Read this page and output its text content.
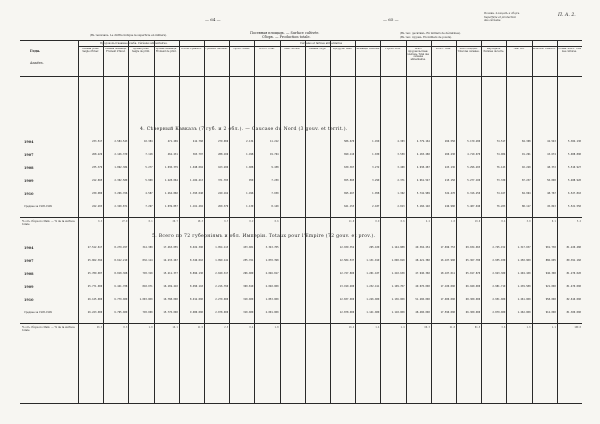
— 64 —	— 65 —
Посевн. площадь и сборъ.
Superficie et production
des céréales.
П. А. 2.
(Въ тысячахъ. Le chiffre indique la superficie en milliers).
Посевная площадь. — Surface cultivée.
Сборъ. — Production totale.
(Въ тыс. десятинъ. En milliers de déciatines).
(Въ тыс. пудовъ. En milliers de pouds).
Года.
Années.
Продовольственные хлеба. Céréales alimentaires.	Céréales et farines alimentaires
Озимая рожь. Seigle d'hiver.
Озимая пшеница. Froment d'hiver.
Яровая рожь. Seigle de print.
Яровая пшеница. Froment de print.
Полба. Épeautre.	Гречиха. Sarrasin.	Просо. Millet.	Итого. Total.	Овес. Avoine.	Ячмень. Orge.	Кукуруза. Maïs.	Чечевица. Lentilles.	Горохъ. Pois.	Всего продовольствен. хлебовъ. Total des céréales alimentaires.
Итого. Total.	Всего хлебовъ. Total des céréales.
Картофель. Pommes de terre.
Лен. Lin.	Конопля. Chanvre. Посевн. всего. Total des cultures.
4. Сѣверный Кавказъ (7 губ. и 2 обл.). — Caucase du Nord (3 gouv. et territ.).
5. Всего по 72 губерніямъ и обл. Имперіи. Totaux pour l'Empire (72 gouv. et prov.).
1904	233.517	2.584.543	10.384	471.269	412.768	279.069	2.134	11.212	586.670	1.450	4.303	4.779.164	266.550	5.179.280	74.517	84.308	42.543	5.384.130
1907	268.229	2.146.379	7.118	462.231	363.797	288.169	1.498	19.764	690.110	1.030	3.559	4.183.280	260.230	4.710.070	74.904	91.291	43.674	5.008.890
1908	235.379	1.892.384	5.277	1.030.379	1.048.004	163.206	1.008	9.458	630.367	3.272	3.400	4.938.487	223.136	5.296.203	76.143	92.220	48.372	5.510.927
1909	212.695	2.302.580	5.909	1.228.064	1.184.413	371.703	950	7.259	655.895	3.290	2.371	4.961.547	215.150	5.277.100	73.330	87.237	50.090	5.488.920
1910	230.980	3.296.766	4.587	1.264.860	1.395.048	249.162	1.496	7.030	695.467	1.058	1.302	5.742.989	322.470	6.316.250	74.167	84.994	48.767	6.527.810
Среднее за 1905-1909	222.203	2.340.871	7.297	1.039.857	1.161.402	260.379	1.139	8.140	641.153	2.187	2.813	5.160.140	246.980	5.407.040	76.203	88.117	45.843	5.521.550
% отъ сбора по Имп. — % de la surface totale
6.3	27.9	0.1	29.7	18.3	9.7	0.2	0.6	11.0	0.9	0.6	2.4	1.0	19.9	8.4	3.0	0.1	5.2
1904	27.512.617	8.279.457	314.389	17.463.055	8.922.390	1.954.113	433.001	3.343.705	12.939.352	295.100	1.144.888	49.304.254	17.699.753	69.034.063	2.745.152	1.317.037	901.738	81.220.480
1907	25.062.394	8.612.210	832.114	14.233.267	8.346.010	1.999.141	255.761	1.870.398	12.584.537	1.131.019	1.090.810	48.421.380	16.107.900	65.367.780	2.955.930	1.250.909	886.605	80.391.160
1908	25.789.007	8.818.368	793.310	15.211.377	8.896.130	2.040.317	296.009	2.046.817	12.727.800	1.201.107	1.210.630	47.940.360	18.107.011	65.017.870	2.923.309	1.294.100	946.300	81.270.020
1909	25.771.000	6.441.708	818.071	16.169.410	8.990.118	2.216.760	369.810	2.040.000	13.190.480	1.232.411	1.109.707	49.070.000	17.100.000	66.940.000	2.981.710	1.239.580	921.000	81.470.000
1910	26.125.000	6.779.000	1.003.000	16.788.000	8.912.000	2.270.000	310.000	1.853.000	12.837.000	1.226.000	1.136.000	51.200.000	17.000.000	68.300.000	2.951.000	1.261.000	958.000	82.610.000
Среднее за 1905-1909	26.223.000	6.795.000	793.000	15.770.000	9.080.000	2.078.000	310.000	2.001.000	12.878.000	1.141.000	1.118.000	48.400.000	17.590.000	66.300.000	2.879.000	1.262.000	912.000	81.300.000
% отъ сбора по Имп. — % de la surface totale
26.3	8.3	1.0	19.1	11.5	2.5	0.4	1.8	16.2	1.4	1.4	60.3	21.8	81.5	3.6	1.6	1.1	100.0
